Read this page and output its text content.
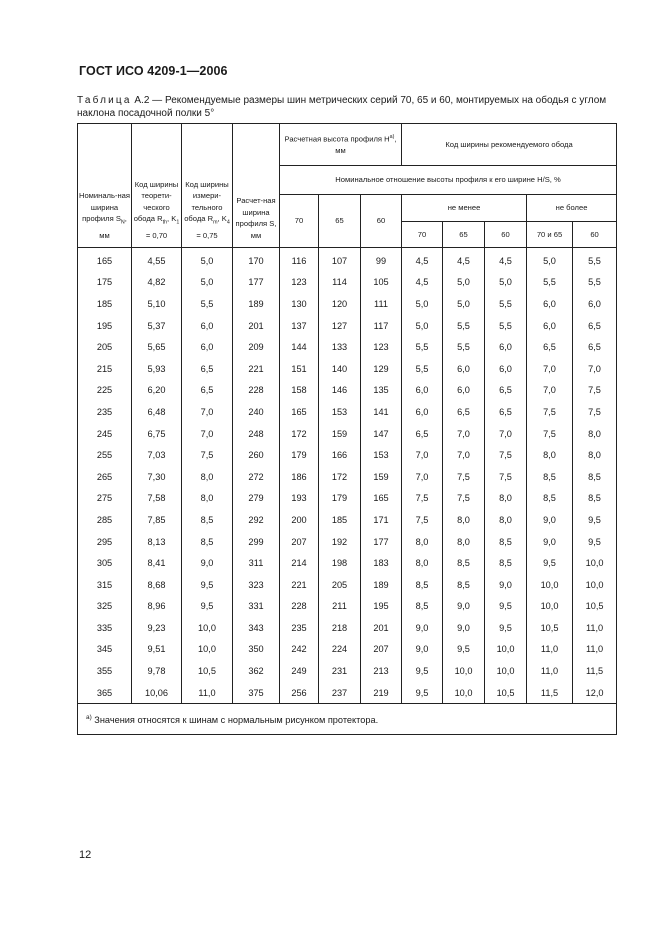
ГОСТ ИСО 4209-1—2006
Таблица А.2 — Рекомендуемые размеры шин метрических серий 70, 65 и 60, монтируемых на ободья с углом наклона посадочной полки 5°
Номиналь-ная ширина профиля $S_N$, мм	Код ширины теорети-ческого обода $R_{th}$, $K_1 = 0,70$	Код ширины измери-тельного обода $R_m$, $K_4 = 0,75$	Расчет-ная ширина профиля S, мм	Расчетная высота профиля $H^{а)}$, мм			Код ширины рекомендуемого обода				
				Номинальное отношение высоты профиля к его ширине H/S, %							
				70	65	60	не менее			не более	
							70	65	60	70 и 65	60
165	4,55	5,0	170	116	107	99	4,5	4,5	4,5	5,0	5,5
175	4,82	5,0	177	123	114	105	4,5	5,0	5,0	5,5	5,5
185	5,10	5,5	189	130	120	111	5,0	5,0	5,5	6,0	6,0
195	5,37	6,0	201	137	127	117	5,0	5,5	5,5	6,0	6,5
205	5,65	6,0	209	144	133	123	5,5	5,5	6,0	6,5	6,5
215	5,93	6,5	221	151	140	129	5,5	6,0	6,0	7,0	7,0
225	6,20	6,5	228	158	146	135	6,0	6,0	6,5	7,0	7,5
235	6,48	7,0	240	165	153	141	6,0	6,5	6,5	7,5	7,5
245	6,75	7,0	248	172	159	147	6,5	7,0	7,0	7,5	8,0
255	7,03	7,5	260	179	166	153	7,0	7,0	7,5	8,0	8,0
265	7,30	8,0	272	186	172	159	7,0	7,5	7,5	8,5	8,5
275	7,58	8,0	279	193	179	165	7,5	7,5	8,0	8,5	8,5
285	7,85	8,5	292	200	185	171	7,5	8,0	8,0	9,0	9,5
295	8,13	8,5	299	207	192	177	8,0	8,0	8,5	9,0	9,5
305	8,41	9,0	311	214	198	183	8,0	8,5	8,5	9,5	10,0
315	8,68	9,5	323	221	205	189	8,5	8,5	9,0	10,0	10,0
325	8,96	9,5	331	228	211	195	8,5	9,0	9,5	10,0	10,5
335	9,23	10,0	343	235	218	201	9,0	9,0	9,5	10,5	11,0
345	9,51	10,0	350	242	224	207	9,0	9,5	10,0	11,0	11,0
355	9,78	10,5	362	249	231	213	9,5	10,0	10,0	11,0	11,5
365	10,06	11,0	375	256	237	219	9,5	10,0	10,5	11,5	12,0
$^{а)}$ Значения относятся к шинам с нормальным рисунком протектора.											
12
